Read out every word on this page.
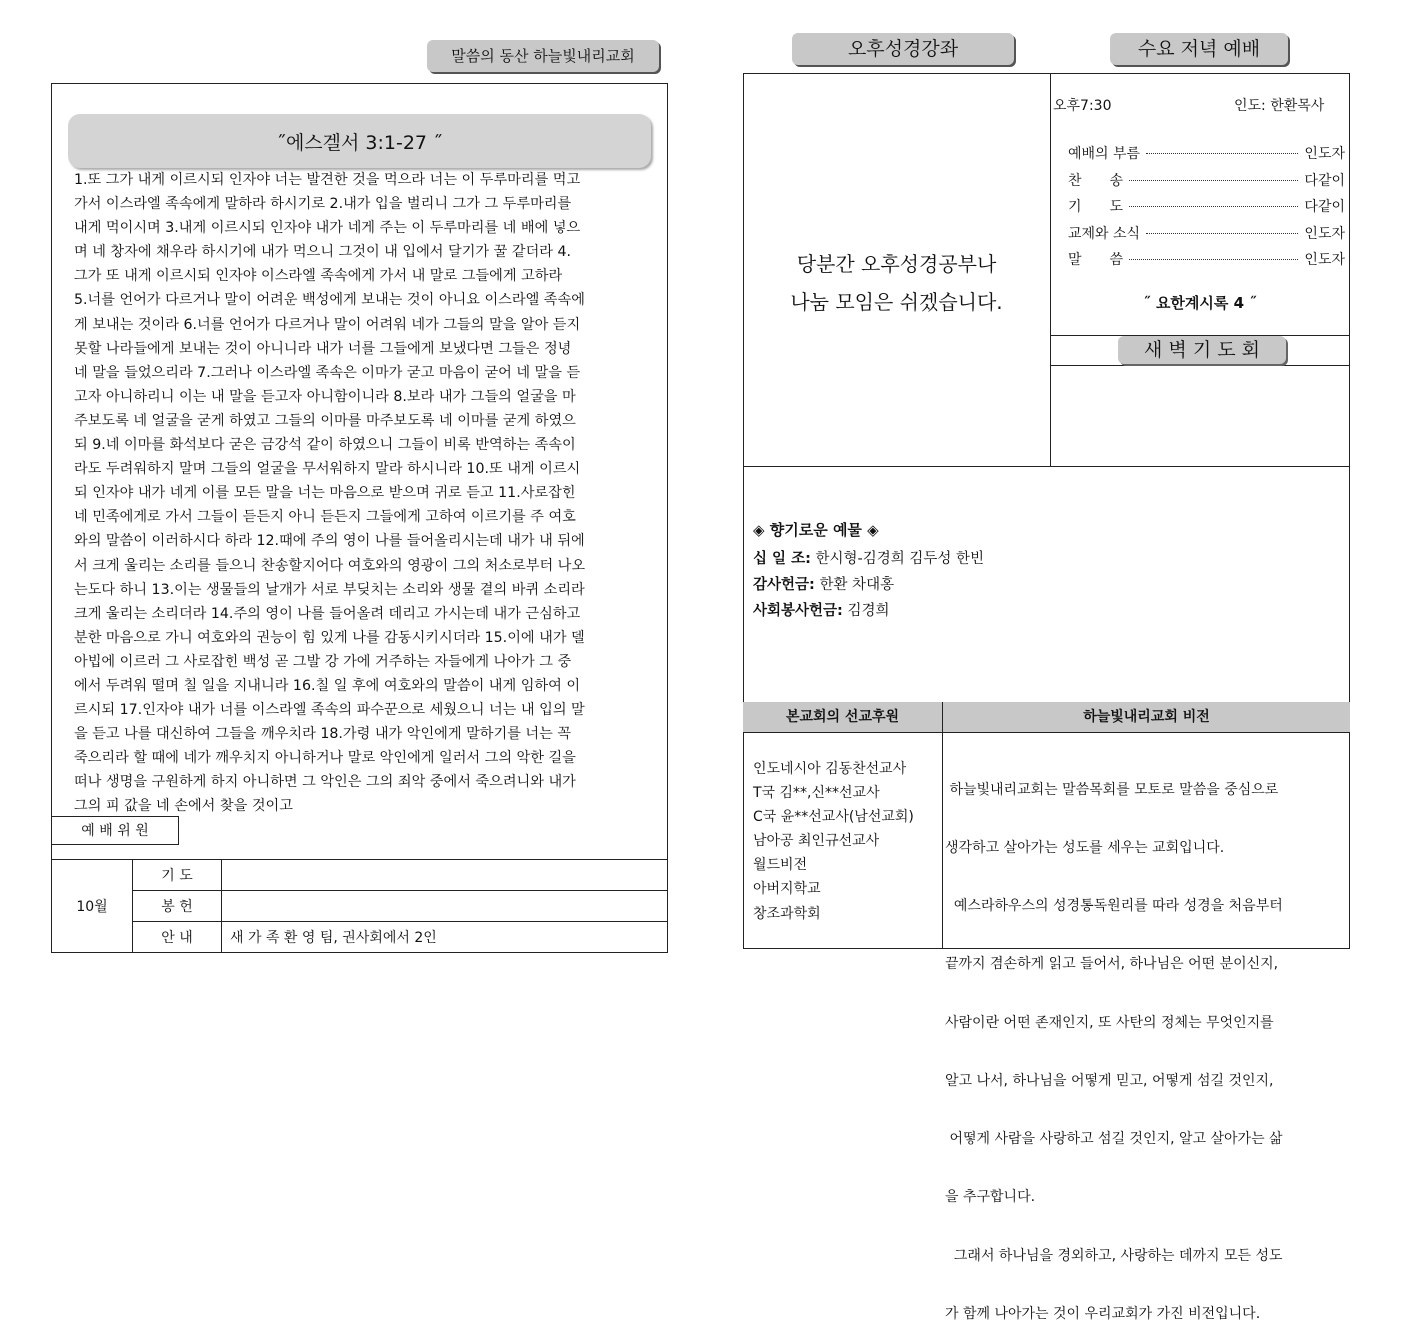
말씀의 동산 하늘빛내리교회
˝에스겔서 3:1-27 ˝
1.또 그가 내게 이르시되 인자야 너는 발견한 것을 먹으라 너는 이 두루마리를 먹고
가서 이스라엘 족속에게 말하라 하시기로 2.내가 입을 벌리니 그가 그 두루마리를
내게 먹이시며 3.내게 이르시되 인자야 내가 네게 주는 이 두루마리를 네 배에 넣으
며 네 창자에 채우라 하시기에 내가 먹으니 그것이 내 입에서 달기가 꿀 같더라 4.
그가 또 내게 이르시되 인자야 이스라엘 족속에게 가서 내 말로 그들에게 고하라
5.너를 언어가 다르거나 말이 어려운 백성에게 보내는 것이 아니요 이스라엘 족속에
게 보내는 것이라 6.너를 언어가 다르거나 말이 어려워 네가 그들의 말을 알아 듣지
못할 나라들에게 보내는 것이 아니니라 내가 너를 그들에게 보냈다면 그들은 정녕
네 말을 들었으리라 7.그러나 이스라엘 족속은 이마가 굳고 마음이 굳어 네 말을 듣
고자 아니하리니 이는 내 말을 듣고자 아니함이니라 8.보라 내가 그들의 얼굴을 마
주보도록 네 얼굴을 굳게 하였고 그들의 이마를 마주보도록 네 이마를 굳게 하였으
되 9.네 이마를 화석보다 굳은 금강석 같이 하였으니 그들이 비록 반역하는 족속이
라도 두려워하지 말며 그들의 얼굴을 무서워하지 말라 하시니라 10.또 내게 이르시
되 인자야 내가 네게 이를 모든 말을 너는 마음으로 받으며 귀로 듣고 11.사로잡힌
네 민족에게로 가서 그들이 듣든지 아니 듣든지 그들에게 고하여 이르기를 주 여호
와의 말씀이 이러하시다 하라 12.때에 주의 영이 나를 들어올리시는데 내가 내 뒤에
서 크게 울리는 소리를 들으니 찬송할지어다 여호와의 영광이 그의 처소로부터 나오
는도다 하니 13.이는 생물들의 날개가 서로 부딪치는 소리와 생물 곁의 바퀴 소리라
크게 울리는 소리더라 14.주의 영이 나를 들어올려 데리고 가시는데 내가 근심하고
분한 마음으로 가니 여호와의 권능이 힘 있게 나를 감동시키시더라 15.이에 내가 델
아빕에 이르러 그 사로잡힌 백성 곧 그발 강 가에 거주하는 자들에게 나아가 그 중
에서 두려워 떨며 칠 일을 지내니라 16.칠 일 후에 여호와의 말씀이 내게 임하여 이
르시되 17.인자야 내가 너를 이스라엘 족속의 파수꾼으로 세웠으니 너는 내 입의 말
을 듣고 나를 대신하여 그들을 깨우치라 18.가령 내가 악인에게 말하기를 너는 꼭
죽으리라 할 때에 네가 깨우치지 아니하거나 말로 악인에게 일러서 그의 악한 길을
떠나 생명을 구원하게 하지 아니하면 그 악인은 그의 죄악 중에서 죽으려니와 내가
그의 피 값을 네 손에서 찾을 것이고
예 배 위 원
10월	기 도	
	봉 헌	
	안 내	새 가 족 환 영 팀, 권사회에서 2인
오후성경강좌	수요 저녁 예배
당분간 오후성경공부나
나눔 모임은 쉬겠습니다.
오후7:30	인도: 한환목사
예배의 부름	인도자
찬　　송	다같이
기　　도	다같이
교제와 소식	인도자
말　　씀	인도자
˝ 요한계시록 4 ˝
새 벽 기 도 회
◈ 향기로운 예물 ◈
십 일 조: 한시형-김경희 김두성 한빈
감사헌금: 한환 차대홍
사회봉사헌금: 김경희
본교회의 선교후원	하늘빛내리교회 비전
인도네시아 김동찬선교사
T국 김**,신**선교사
C국 윤**선교사(남선교회)
남아공 최인규선교사
월드비전
아버지학교
창조과학회

하늘빛내리교회는 말씀목회를 모토로 말씀을 중심으로

생각하고 살아가는 성도를 세우는 교회입니다.

예스라하우스의 성경통독원리를 따라 성경을 처음부터

끝까지 겸손하게 읽고 들어서, 하나님은 어떤 분이신지,

사람이란 어떤 존재인지, 또 사탄의 정체는 무엇인지를

알고 나서, 하나님을 어떻게 믿고, 어떻게 섬길 것인지,

어떻게 사람을 사랑하고 섬길 것인지, 알고 살아가는 삶

을 추구합니다.

그래서 하나님을 경외하고, 사랑하는 데까지 모든 성도

가 함께 나아가는 것이 우리교회가 가진 비전입니다.
